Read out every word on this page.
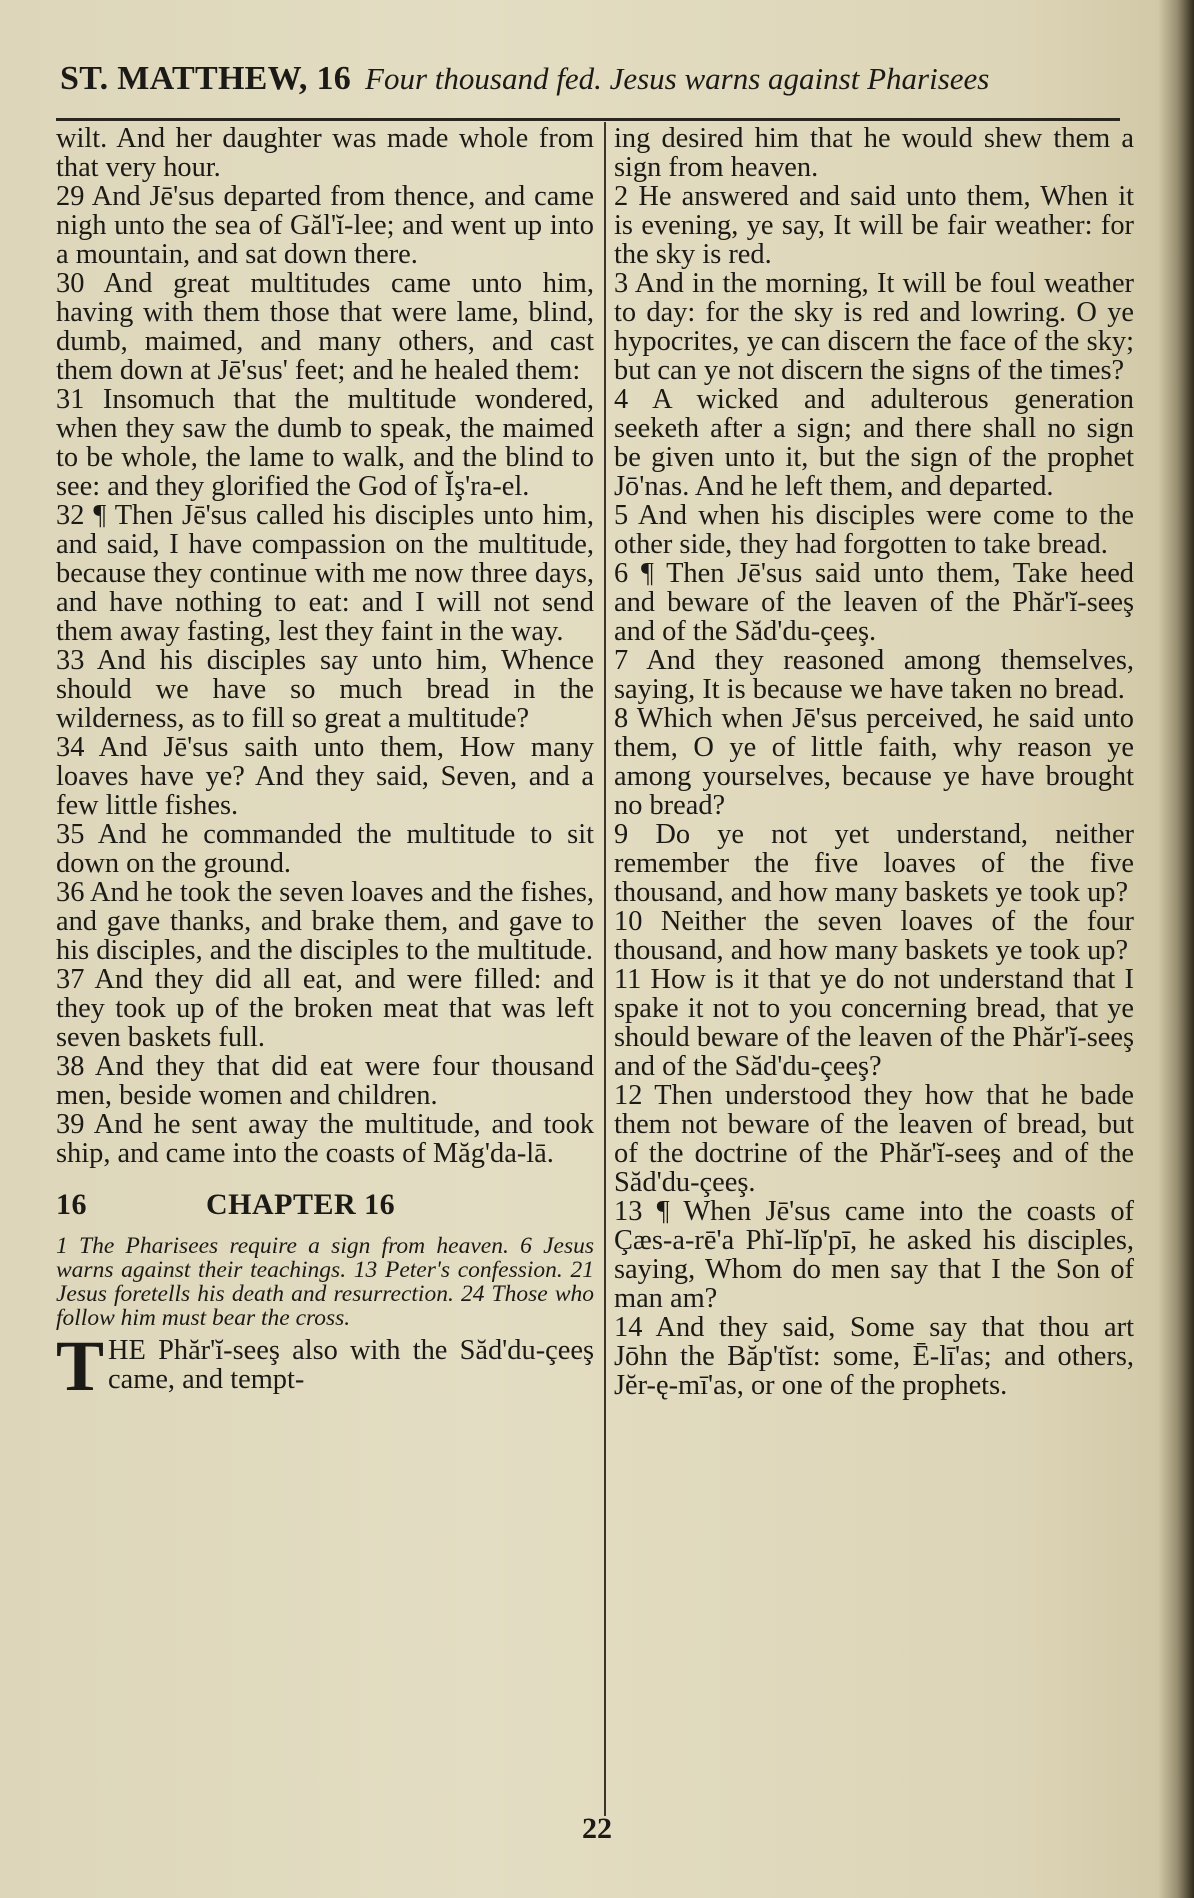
ST. MATTHEW, 16 Four thousand fed. Jesus warns against Pharisees

wilt. And her daughter was made whole from that very hour.

29 And Jē'sus departed from thence, and came nigh unto the sea of Găl'ĭ-lee; and went up into a mountain, and sat down there.

30 And great multitudes came unto him, having with them those that were lame, blind, dumb, maimed, and many others, and cast them down at Jē'sus' feet; and he healed them:

31 Insomuch that the multitude wondered, when they saw the dumb to speak, the maimed to be whole, the lame to walk, and the blind to see: and they glorified the God of Ĭş'ra-el.

32 ¶ Then Jē'sus called his disciples unto him, and said, I have compassion on the multitude, because they continue with me now three days, and have nothing to eat: and I will not send them away fasting, lest they faint in the way.

33 And his disciples say unto him, Whence should we have so much bread in the wilderness, as to fill so great a multitude?

34 And Jē'sus saith unto them, How many loaves have ye? And they said, Seven, and a few little fishes.

35 And he commanded the multitude to sit down on the ground.

36 And he took the seven loaves and the fishes, and gave thanks, and brake them, and gave to his disciples, and the disciples to the multitude.

37 And they did all eat, and were filled: and they took up of the broken meat that was left seven baskets full.

38 And they that did eat were four thousand men, beside women and children.

39 And he sent away the multitude, and took ship, and came into the coasts of Măg'da-lā.

16	CHAPTER 16

1 The Pharisees require a sign from heaven. 6 Jesus warns against their teachings. 13 Peter's confession. 21 Jesus foretells his death and resurrection. 24 Those who follow him must bear the cross.

THE Phăr'ĭ-seeş also with the Săd'du-çeeş came, and tempt-

ing desired him that he would shew them a sign from heaven.

2 He answered and said unto them, When it is evening, ye say, It will be fair weather: for the sky is red.

3 And in the morning, It will be foul weather to day: for the sky is red and lowring. O ye hypocrites, ye can discern the face of the sky; but can ye not discern the signs of the times?

4 A wicked and adulterous generation seeketh after a sign; and there shall no sign be given unto it, but the sign of the prophet Jō'nas. And he left them, and departed.

5 And when his disciples were come to the other side, they had forgotten to take bread.

6 ¶ Then Jē'sus said unto them, Take heed and beware of the leaven of the Phăr'ĭ-seeş and of the Săd'du-çeeş.

7 And they reasoned among themselves, saying, It is because we have taken no bread.

8 Which when Jē'sus perceived, he said unto them, O ye of little faith, why reason ye among yourselves, because ye have brought no bread?

9 Do ye not yet understand, neither remember the five loaves of the five thousand, and how many baskets ye took up?

10 Neither the seven loaves of the four thousand, and how many baskets ye took up?

11 How is it that ye do not understand that I spake it not to you concerning bread, that ye should beware of the leaven of the Phăr'ĭ-seeş and of the Săd'du-çeeş?

12 Then understood they how that he bade them not beware of the leaven of bread, but of the doctrine of the Phăr'ĭ-seeş and of the Săd'du-çeeş.

13 ¶ When Jē'sus came into the coasts of Çæs-a-rē'a Phĭ-lĭp'pī, he asked his disciples, saying, Whom do men say that I the Son of man am?

14 And they said, Some say that thou art Jōhn the Băp'tĭst: some, Ē-lī'as; and others, Jĕr-ę-mī'as, or one of the prophets.

22
